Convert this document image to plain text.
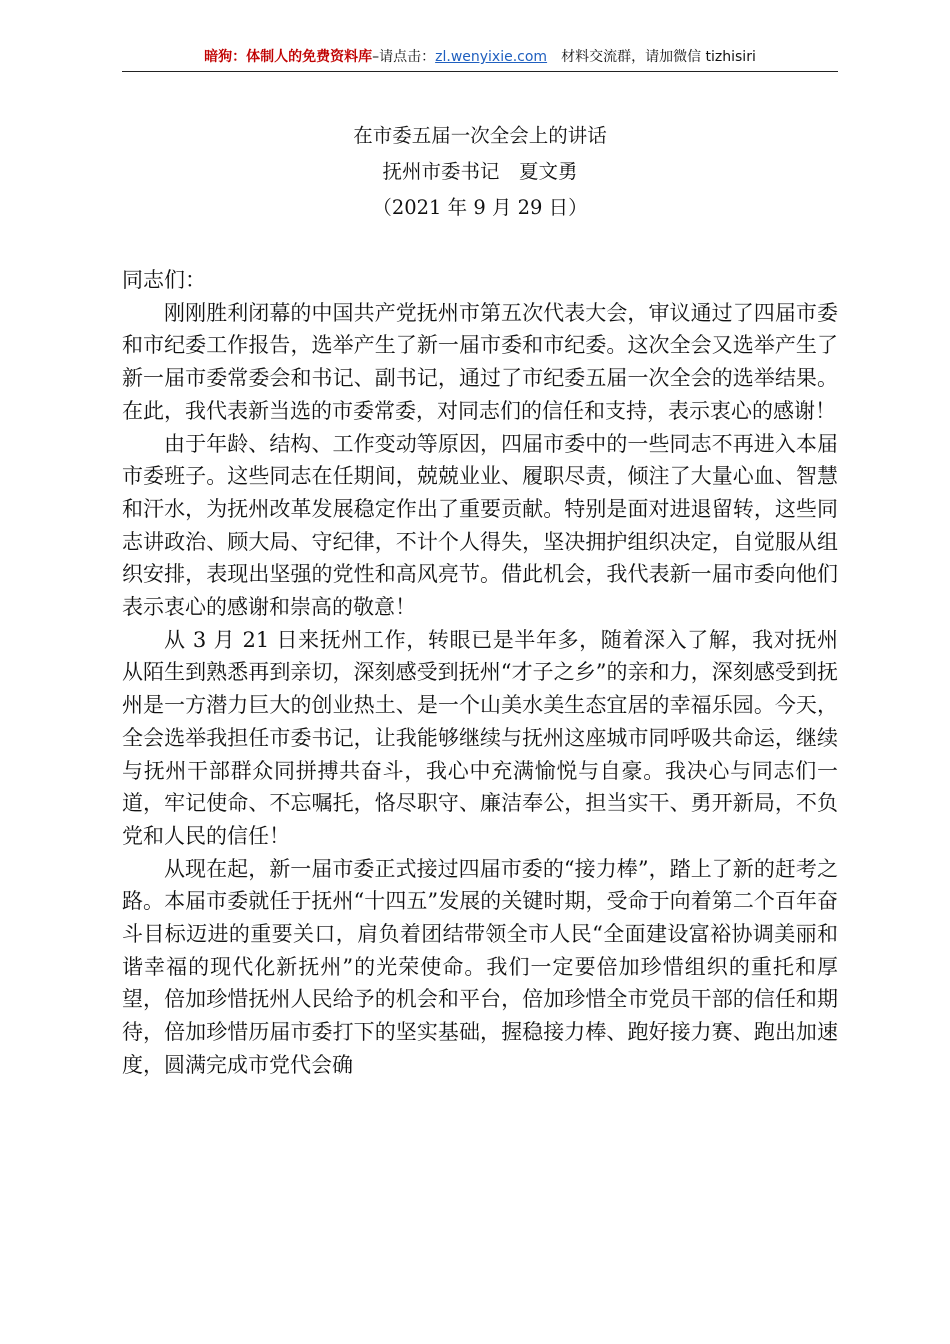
暗狗：体制人的免费资料库–请点击：zl.wenyixie.com 材料交流群，请加微信 tizhisiri
在市委五届一次全会上的讲话
抚州市委书记　夏文勇
（2021 年 9 月 29 日）

同志们：

刚刚胜利闭幕的中国共产党抚州市第五次代表大会，审议通过了四届市委和市纪委工作报告，选举产生了新一届市委和市纪委。这次全会又选举产生了新一届市委常委会和书记、副书记，通过了市纪委五届一次全会的选举结果。在此，我代表新当选的市委常委，对同志们的信任和支持，表示衷心的感谢！

由于年龄、结构、工作变动等原因，四届市委中的一些同志不再进入本届市委班子。这些同志在任期间，兢兢业业、履职尽责，倾注了大量心血、智慧和汗水，为抚州改革发展稳定作出了重要贡献。特别是面对进退留转，这些同志讲政治、顾大局、守纪律，不计个人得失，坚决拥护组织决定，自觉服从组织安排，表现出坚强的党性和高风亮节。借此机会，我代表新一届市委向他们表示衷心的感谢和崇高的敬意！

从 3 月 21 日来抚州工作，转眼已是半年多，随着深入了解，我对抚州从陌生到熟悉再到亲切，深刻感受到抚州“才子之乡”的亲和力，深刻感受到抚州是一方潜力巨大的创业热土、是一个山美水美生态宜居的幸福乐园。今天，全会选举我担任市委书记，让我能够继续与抚州这座城市同呼吸共命运，继续与抚州干部群众同拼搏共奋斗，我心中充满愉悦与自豪。我决心与同志们一道，牢记使命、不忘嘱托，恪尽职守、廉洁奉公，担当实干、勇开新局，不负党和人民的信任！

从现在起，新一届市委正式接过四届市委的“接力棒”，踏上了新的赶考之路。本届市委就任于抚州“十四五”发展的关键时期，受命于向着第二个百年奋斗目标迈进的重要关口，肩负着团结带领全市人民“全面建设富裕协调美丽和谐幸福的现代化新抚州”的光荣使命。我们一定要倍加珍惜组织的重托和厚望，倍加珍惜抚州人民给予的机会和平台，倍加珍惜全市党员干部的信任和期待，倍加珍惜历届市委打下的坚实基础，握稳接力棒、跑好接力赛、跑出加速度，圆满完成市党代会确
